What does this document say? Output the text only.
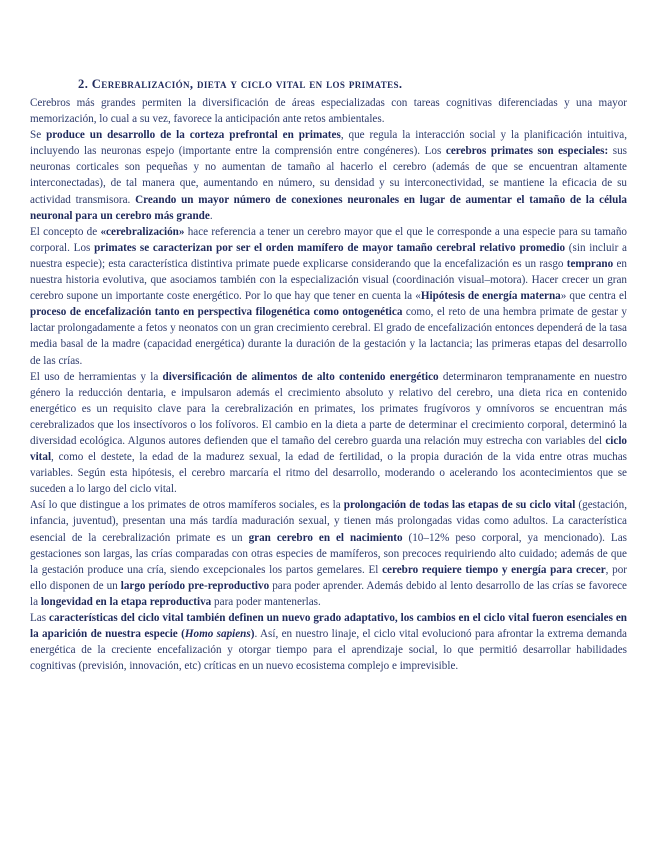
2. Cerebralización, dieta y ciclo vital en los primates.

Cerebros más grandes permiten la diversificación de áreas especializadas con tareas cognitivas diferenciadas y una mayor memorización, lo cual a su vez, favorece la anticipación ante retos ambientales.

Se produce un desarrollo de la corteza prefrontal en primates, que regula la interacción social y la planificación intuitiva, incluyendo las neuronas espejo (importante entre la comprensión entre congéneres). Los cerebros primates son especiales: sus neuronas corticales son pequeñas y no aumentan de tamaño al hacerlo el cerebro (además de que se encuentran altamente interconectadas), de tal manera que, aumentando en número, su densidad y su interconectividad, se mantiene la eficacia de su actividad transmisora. Creando un mayor número de conexiones neuronales en lugar de aumentar el tamaño de la célula neuronal para un cerebro más grande.

El concepto de «cerebralización» hace referencia a tener un cerebro mayor que el que le corresponde a una especie para su tamaño corporal. Los primates se caracterizan por ser el orden mamífero de mayor tamaño cerebral relativo promedio (sin incluir a nuestra especie); esta característica distintiva primate puede explicarse considerando que la encefalización es un rasgo temprano en nuestra historia evolutiva, que asociamos también con la especialización visual (coordinación visual–motora). Hacer crecer un gran cerebro supone un importante coste energético. Por lo que hay que tener en cuenta la «Hipótesis de energía materna» que centra el proceso de encefalización tanto en perspectiva filogenética como ontogenética como, el reto de una hembra primate de gestar y lactar prolongadamente a fetos y neonatos con un gran crecimiento cerebral. El grado de encefalización entonces dependerá de la tasa media basal de la madre (capacidad energética) durante la duración de la gestación y la lactancia; las primeras etapas del desarrollo de las crías.

El uso de herramientas y la diversificación de alimentos de alto contenido energético determinaron tempranamente en nuestro género la reducción dentaria, e impulsaron además el crecimiento absoluto y relativo del cerebro, una dieta rica en contenido energético es un requisito clave para la cerebralización en primates, los primates frugívoros y omnívoros se encuentran más cerebralizados que los insectívoros o los folívoros. El cambio en la dieta a parte de determinar el crecimiento corporal, determinó la diversidad ecológica. Algunos autores defienden que el tamaño del cerebro guarda una relación muy estrecha con variables del ciclo vital, como el destete, la edad de la madurez sexual, la edad de fertilidad, o la propia duración de la vida entre otras muchas variables. Según esta hipótesis, el cerebro marcaría el ritmo del desarrollo, moderando o acelerando los acontecimientos que se suceden a lo largo del ciclo vital.

Así lo que distingue a los primates de otros mamíferos sociales, es la prolongación de todas las etapas de su ciclo vital (gestación, infancia, juventud), presentan una más tardía maduración sexual, y tienen más prolongadas vidas como adultos. La característica esencial de la cerebralización primate es un gran cerebro en el nacimiento (10–12% peso corporal, ya mencionado). Las gestaciones son largas, las crías comparadas con otras especies de mamíferos, son precoces requiriendo alto cuidado; además de que la gestación produce una cría, siendo excepcionales los partos gemelares. El cerebro requiere tiempo y energía para crecer, por ello disponen de un largo período pre-reproductivo para poder aprender. Además debido al lento desarrollo de las crías se favorece la longevidad en la etapa reproductiva para poder mantenerlas.

Las características del ciclo vital también definen un nuevo grado adaptativo, los cambios en el ciclo vital fueron esenciales en la aparición de nuestra especie (Homo sapiens). Así, en nuestro linaje, el ciclo vital evolucionó para afrontar la extrema demanda energética de la creciente encefalización y otorgar tiempo para el aprendizaje social, lo que permitió desarrollar habilidades cognitivas (previsión, innovación, etc) críticas en un nuevo ecosistema complejo e imprevisible.
